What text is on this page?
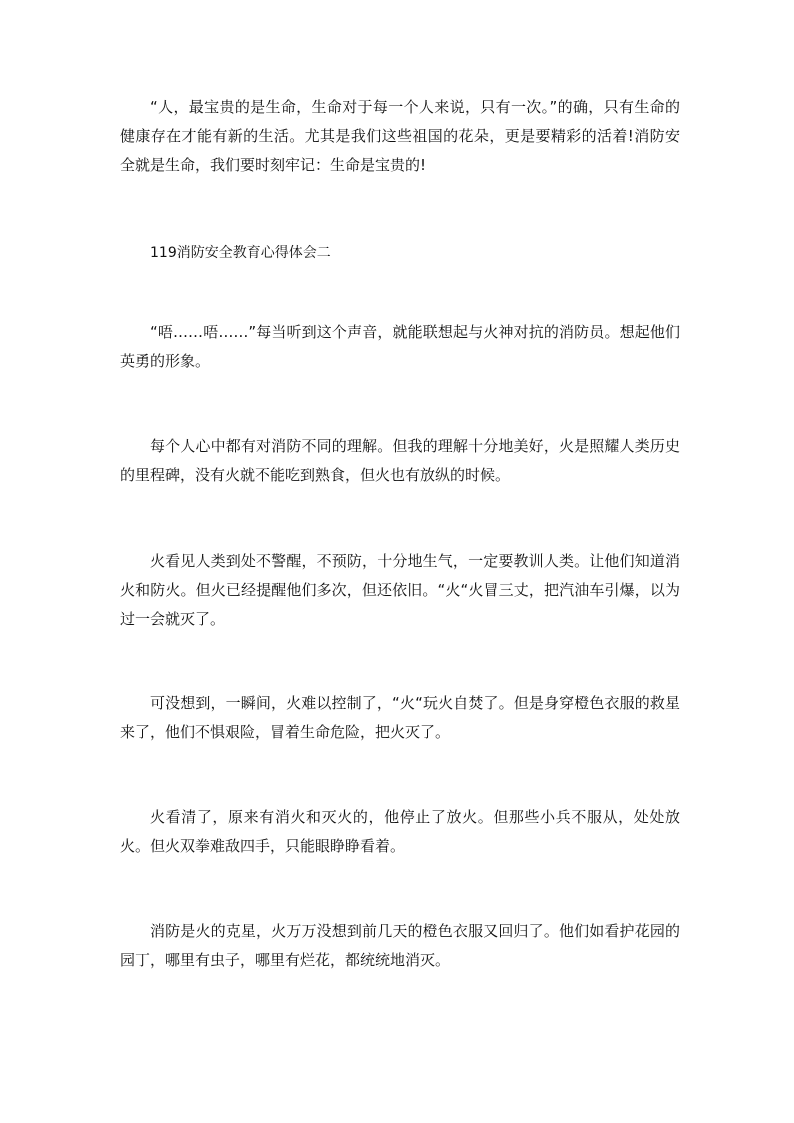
“人，最宝贵的是生命，生命对于每一个人来说，只有一次。”的确，只有生命的健康存在才能有新的生活。尤其是我们这些祖国的花朵，更是要精彩的活着!消防安全就是生命，我们要时刻牢记：生命是宝贵的!

119消防安全教育心得体会二

“唔……唔……”每当听到这个声音，就能联想起与火神对抗的消防员。想起他们英勇的形象。

每个人心中都有对消防不同的理解。但我的理解十分地美好，火是照耀人类历史的里程碑，没有火就不能吃到熟食，但火也有放纵的时候。

火看见人类到处不警醒，不预防，十分地生气，一定要教训人类。让他们知道消火和防火。但火已经提醒他们多次，但还依旧。“火“火冒三丈，把汽油车引爆，以为过一会就灭了。

可没想到，一瞬间，火难以控制了，“火“玩火自焚了。但是身穿橙色衣服的救星来了，他们不惧艰险，冒着生命危险，把火灭了。

火看清了，原来有消火和灭火的，他停止了放火。但那些小兵不服从，处处放火。但火双拳难敌四手，只能眼睁睁看着。

消防是火的克星，火万万没想到前几天的橙色衣服又回归了。他们如看护花园的园丁，哪里有虫子，哪里有烂花，都统统地消灭。
